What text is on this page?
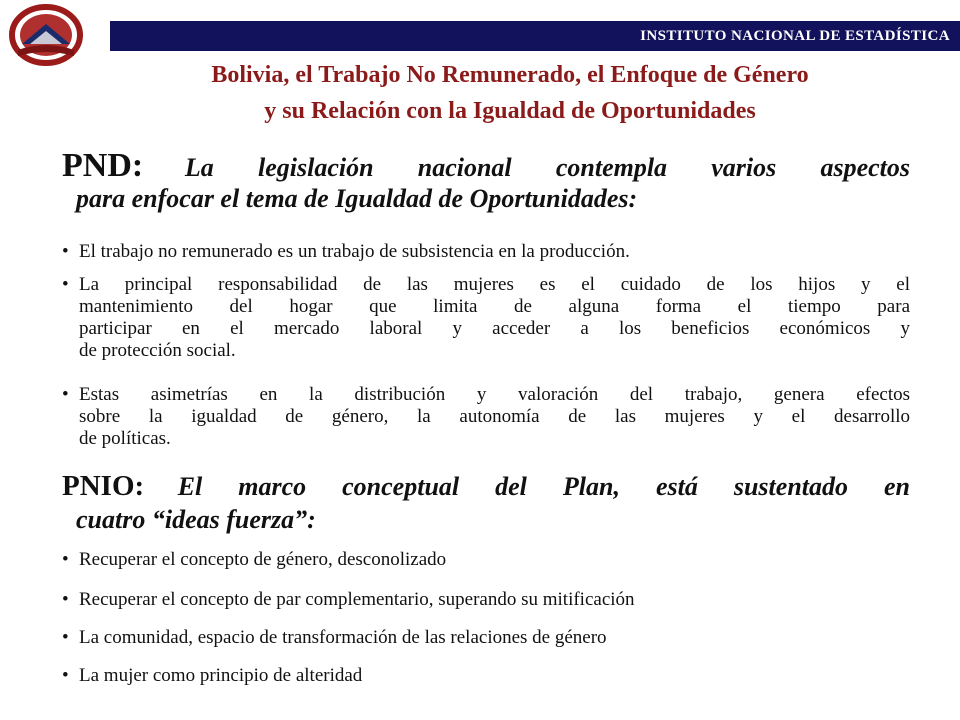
INSTITUTO NACIONAL DE ESTADÍSTICA
Bolivia, el Trabajo No Remunerado, el Enfoque de Género
y su Relación con la Igualdad de Oportunidades
PND: La legislación nacional contempla varios aspectos
para enfocar el tema de Igualdad de Oportunidades:
• El trabajo no remunerado es un trabajo de subsistencia en la producción.
• La principal responsabilidad de las mujeres es el cuidado de los hijos y el
mantenimiento del hogar que limita de alguna forma el tiempo para
participar en el mercado laboral y acceder a los beneficios económicos y
de protección social.
• Estas asimetrías en la distribución y valoración del trabajo, genera efectos
sobre la igualdad de género, la autonomía de las mujeres y el desarrollo
de políticas.
PNIO: El marco conceptual del Plan, está sustentado en
cuatro “ideas fuerza”:
• Recuperar el concepto de género, desconolizado
• Recuperar el concepto de par complementario, superando su mitificación
• La comunidad, espacio de transformación de las relaciones de género
• La mujer como principio de alteridad
